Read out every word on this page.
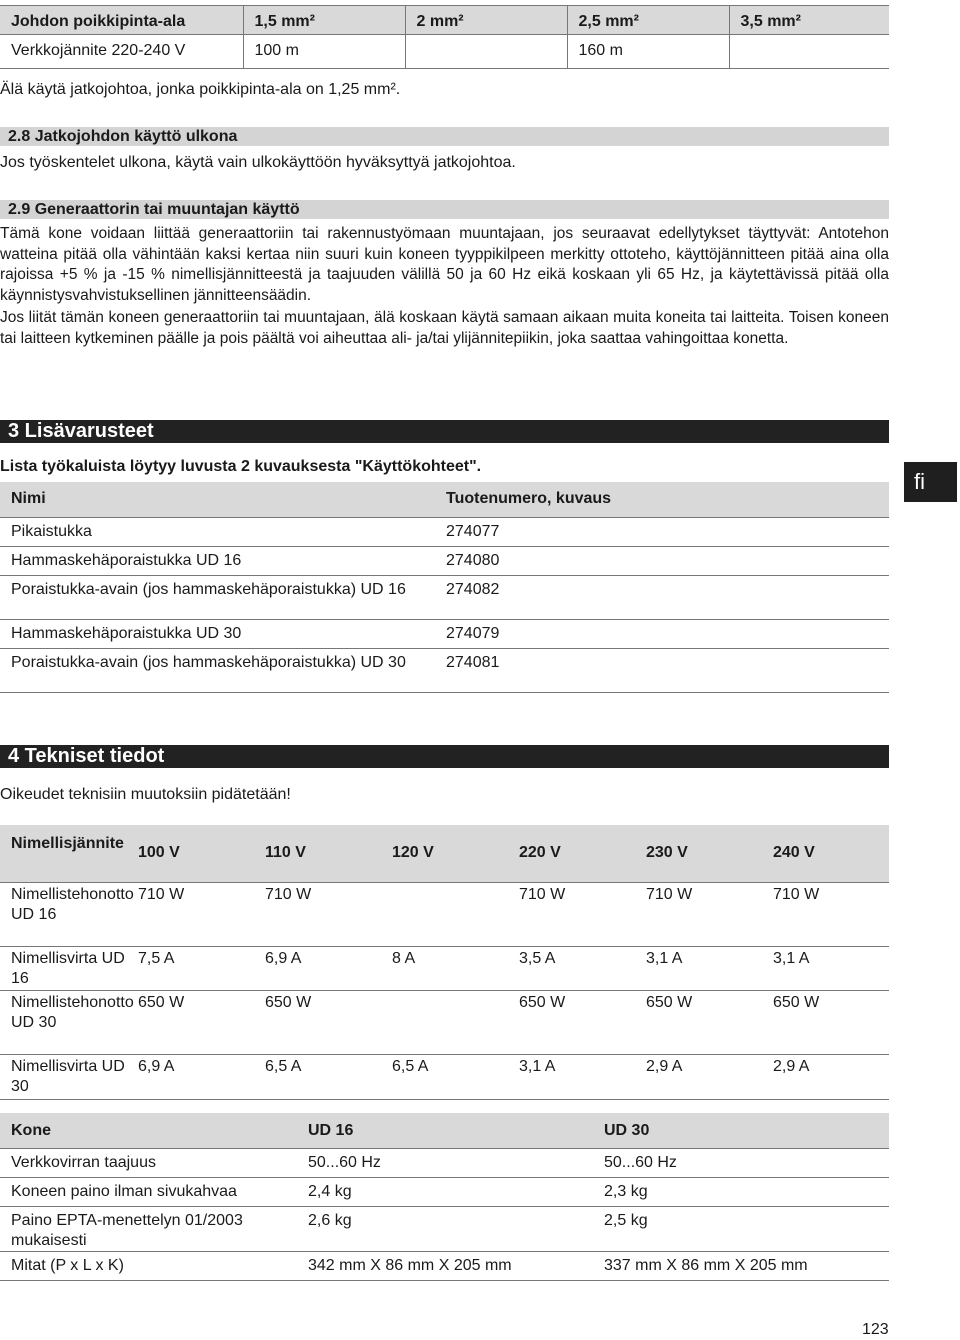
Johdon poikkipinta-ala	1,5 mm²	2 mm²	2,5 mm²	3,5 mm²
Verkkojännite 220-240 V	100 m		160 m	
Älä käytä jatkojohtoa, jonka poikkipinta-ala on 1,25 mm².
2.8 Jatkojohdon käyttö ulkona
Jos työskentelet ulkona, käytä vain ulkokäyttöön hyväksyttyä jatkojohtoa.
2.9 Generaattorin tai muuntajan käyttö
Tämä kone voidaan liittää generaattoriin tai rakennustyömaan muuntajaan, jos seuraavat edellytykset täyttyvät: Antotehon watteina pitää olla vähintään kaksi kertaa niin suuri kuin koneen tyyppikilpeen merkitty ottoteho, käyttöjännitteen pitää aina olla rajoissa +5 % ja -15 % nimellisjännitteestä ja taajuuden välillä 50 ja 60 Hz eikä koskaan yli 65 Hz, ja käytettävissä pitää olla käynnistysvahvistuksellinen jännitteensäädin.
Jos liität tämän koneen generaattoriin tai muuntajaan, älä koskaan käytä samaan aikaan muita koneita tai laitteita. Toisen koneen tai laitteen kytkeminen päälle ja pois päältä voi aiheuttaa ali- ja/tai ylijännitepiikin, joka saattaa vahingoittaa konetta.
3 Lisävarusteet
Lista työkaluista löytyy luvusta 2 kuvauksesta "Käyttökohteet".
fi
Nimi	Tuotenumero, kuvaus
Pikaistukka	274077
Hammaskehäporaistukka UD 16	274080
Poraistukka-avain (jos hammaskehäporaistukka) UD 16	274082
Hammaskehäporaistukka UD 30	274079
Poraistukka-avain (jos hammaskehäporaistukka) UD 30	274081
4 Tekniset tiedot
Oikeudet teknisiin muutoksiin pidätetään!
Nimellisjännite	100 V	110 V	120 V	220 V	230 V	240 V
Nimellistehonotto UD 16	710 W	710 W		710 W	710 W	710 W
Nimellisvirta UD 16	7,5 A	6,9 A	8 A	3,5 A	3,1 A	3,1 A
Nimellistehonotto UD 30	650 W	650 W		650 W	650 W	650 W
Nimellisvirta UD 30	6,9 A	6,5 A	6,5 A	3,1 A	2,9 A	2,9 A
Kone	UD 16	UD 30
Verkkovirran taajuus	50...60 Hz	50...60 Hz
Koneen paino ilman sivukahvaa	2,4 kg	2,3 kg
Paino EPTA-menettelyn 01/2003 mukaisesti	2,6 kg	2,5 kg
Mitat (P x L x K)	342 mm X 86 mm X 205 mm	337 mm X 86 mm X 205 mm
123
